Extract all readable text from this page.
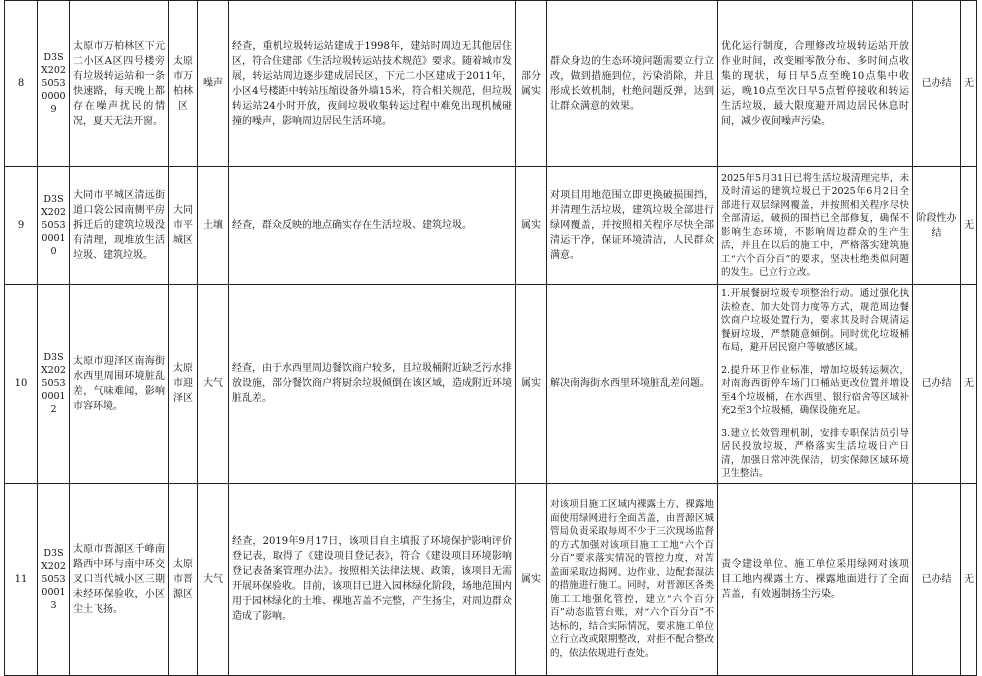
8	D3SX202505300009	太原市万柏林区下元二小区A区四号楼旁有垃圾转运站和一条快速路，每天晚上都存在噪声扰民的情况，夏天无法开窗。	太原市万柏林区	噪声	经查，重机垃圾转运站建成于1998年，建站时周边无其他居住区，符合住建部《生活垃圾转运站技术规范》要求。随着城市发展，转运站周边逐步建成居民区，下元二小区建成于2011年，小区4号楼距中转站压缩设备外墙15米，符合相关规范，但垃圾转运站24小时开放，夜间垃圾收集转运过程中难免出现机械碰撞的噪声，影响周边居民生活环境。	部分属实	群众身边的生态环境问题需要立行立改，做到措施到位，污染消除，并且形成长效机制，杜绝问题反弹，达到让群众满意的效果。	优化运行制度，合理修改垃圾转运站开放作业时间，改变厢零散分布、多时间点收集的现状，每日早5点至晚10点集中收运，晚10点至次日早5点暂停接收和转运生活垃圾，最大限度避开周边居民休息时间，减少夜间噪声污染。	已办结	无
9	D3SX202505300010	大同市平城区清远街道口袋公园南侧平房拆迁后的建筑垃圾没有清理，现堆放生活垃圾、建筑垃圾。	大同市平城区	土壤	经查，群众反映的地点确实存在生活垃圾、建筑垃圾。	属实	对项目用地范围立即更换破损围挡，并清理生活垃圾，建筑垃圾全部进行绿网覆盖，并按照相关程序尽快全部清运干净，保证环境清洁，人民群众满意。	2025年5月31日已将生活垃圾清理完毕，未及时清运的建筑垃圾已于2025年6月2日全部进行双层绿网覆盖，并按照相关程序尽快全部清运，破损的围挡已全部修复，确保不影响生态环境，不影响周边群众的生产生活，并且在以后的施工中，严格落实建筑施工“六个百分百”的要求，坚决杜绝类似问题的发生。已立行立改。	阶段性办结	无
10	D3SX202505300012	太原市迎泽区南海街水西里周围环境脏乱差，气味难闻，影响市容环境。	太原市迎泽区	大气	经查，由于水西里周边餐饮商户较多，且垃圾桶附近缺乏污水排放设施，部分餐饮商户将厨余垃圾倾倒在该区域，造成附近环境脏乱差。	属实	解决南海街水西里环境脏乱差问题。	1.开展餐厨垃圾专项整治行动。通过强化执法检查、加大处罚力度等方式，规范周边餐饮商户垃圾处置行为，要求其及时合规清运餐厨垃圾，严禁随意倾倒。同时优化垃圾桶布局，避开居民窗户等敏感区域。
2.提升环卫作业标准，增加垃圾转运频次，对南海西街停车场门口桶站更改位置并增设至4个垃圾桶，在水西里、银行宿舍等区域补充2至3个垃圾桶，确保设施充足。
3.建立长效管理机制，安排专职保洁员引导居民投放垃圾，严格落实生活垃圾日产日清，加强日常冲洗保洁，切实保障区域环境卫生整洁。	已办结	无
11	D3SX202505300013	太原市晋源区千峰南路西中环与南中环交叉口当代城小区三期未经环保验收，小区尘土飞扬。	太原市晋源区	大气	经查，2019年9月17日，该项目自主填报了环境保护影响评价登记表，取得了《建设项目登记表》，符合《建设项目环境影响登记表备案管理办法》。按照相关法律法规、政策，该项目无需开展环保验收。目前，该项目已进入园林绿化阶段，场地范围内用于园林绿化的土堆、裸地苫盖不完整，产生扬尘，对周边群众造成了影响。	属实	对该项目施工区域内裸露土方、裸露地面使用绿网进行全面苫盖，由晋源区城管局负责采取每周不少于三次现场监督的方式加强对该项目施工工地“六个百分百”要求落实情况的管控力度，对苫盖面采取边揭网、边作业、边配套湿法的措施进行施工。同时，对晋源区各类施工工地强化管控，建立“六个百分百”动态监管台账，对“六个百分百”不达标的，结合实际情况，要求施工单位立行立改或限期整改，对拒不配合整改的，依法依规进行查处。	责令建设单位、施工单位采用绿网对该项目工地内裸露土方、裸露地面进行了全面苫盖，有效遏制扬尘污染。	已办结	无
